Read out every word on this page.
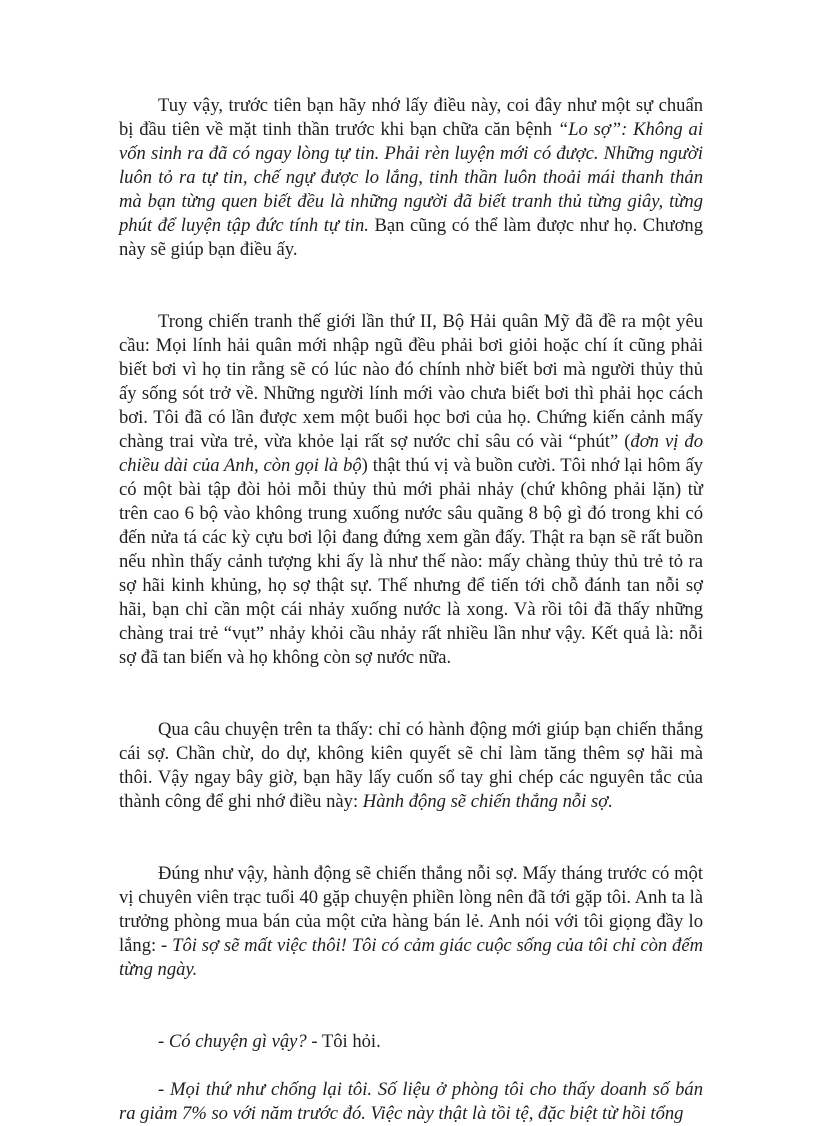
Tuy vậy, trước tiên bạn hãy nhớ lấy điều này, coi đây như một sự chuẩn bị đầu tiên về mặt tinh thần trước khi bạn chữa căn bệnh “Lo sợ”: Không ai vốn sinh ra đã có ngay lòng tự tin. Phải rèn luyện mới có được. Những người luôn tỏ ra tự tin, chế ngự được lo lắng, tinh thần luôn thoải mái thanh thản mà bạn từng quen biết đều là những người đã biết tranh thủ từng giây, từng phút để luyện tập đức tính tự tin. Bạn cũng có thể làm được như họ. Chương này sẽ giúp bạn điều ấy.

Trong chiến tranh thế giới lần thứ II, Bộ Hải quân Mỹ đã đề ra một yêu cầu: Mọi lính hải quân mới nhập ngũ đều phải bơi giỏi hoặc chí ít cũng phải biết bơi vì họ tin rằng sẽ có lúc nào đó chính nhờ biết bơi mà người thủy thủ ấy sống sót trở về. Những người lính mới vào chưa biết bơi thì phải học cách bơi. Tôi đã có lần được xem một buổi học bơi của họ. Chứng kiến cảnh mấy chàng trai vừa trẻ, vừa khỏe lại rất sợ nước chỉ sâu có vài “phút” (đơn vị đo chiều dài của Anh, còn gọi là bộ) thật thú vị và buồn cười. Tôi nhớ lại hôm ấy có một bài tập đòi hỏi mỗi thủy thủ mới phải nhảy (chứ không phải lặn) từ trên cao 6 bộ vào không trung xuống nước sâu quãng 8 bộ gì đó trong khi có đến nửa tá các kỳ cựu bơi lội đang đứng xem gần đấy. Thật ra bạn sẽ rất buồn nếu nhìn thấy cảnh tượng khi ấy là như thế nào: mấy chàng thủy thủ trẻ tỏ ra sợ hãi kinh khủng, họ sợ thật sự. Thế nhưng để tiến tới chỗ đánh tan nỗi sợ hãi, bạn chỉ cần một cái nhảy xuống nước là xong. Và rồi tôi đã thấy những chàng trai trẻ “vụt” nhảy khỏi cầu nhảy rất nhiều lần như vậy. Kết quả là: nỗi sợ đã tan biến và họ không còn sợ nước nữa.

Qua câu chuyện trên ta thấy: chỉ có hành động mới giúp bạn chiến thắng cái sợ. Chần chừ, do dự, không kiên quyết sẽ chỉ làm tăng thêm sợ hãi mà thôi. Vậy ngay bây giờ, bạn hãy lấy cuốn sổ tay ghi chép các nguyên tắc của thành công để ghi nhớ điều này: Hành động sẽ chiến thắng nỗi sợ.

Đúng như vậy, hành động sẽ chiến thắng nỗi sợ. Mấy tháng trước có một vị chuyên viên trạc tuổi 40 gặp chuyện phiền lòng nên đã tới gặp tôi. Anh ta là trưởng phòng mua bán của một cửa hàng bán lẻ. Anh nói với tôi giọng đầy lo lắng: - Tôi sợ sẽ mất việc thôi! Tôi có cảm giác cuộc sống của tôi chỉ còn đếm từng ngày.

- Có chuyện gì vậy? - Tôi hỏi.

- Mọi thứ như chống lại tôi. Số liệu ở phòng tôi cho thấy doanh số bán ra giảm 7% so với năm trước đó. Việc này thật là tồi tệ, đặc biệt từ hồi tổng
